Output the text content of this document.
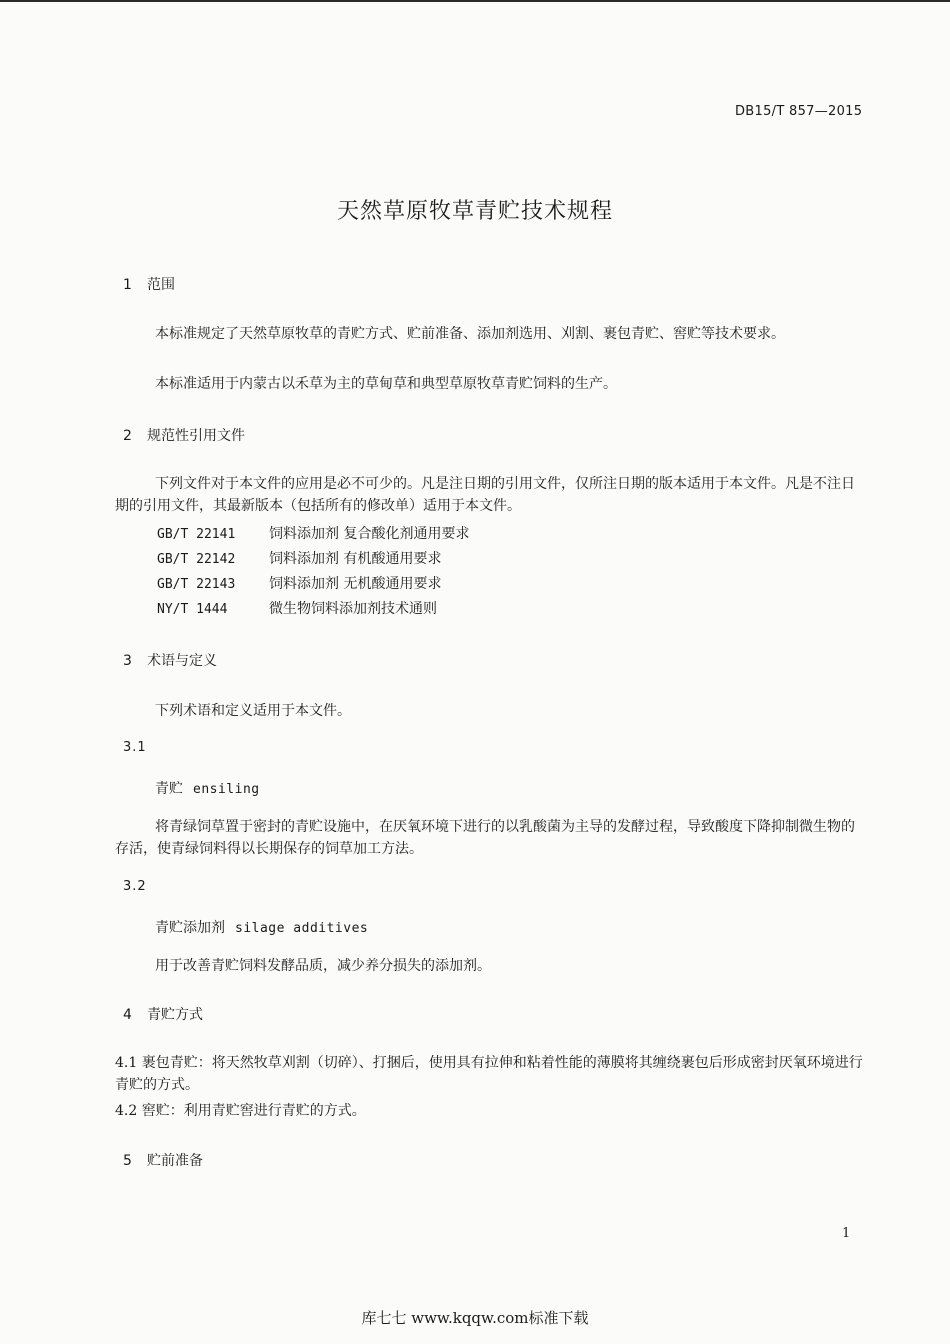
DB15/T 857—2015
天然草原牧草青贮技术规程
1 范围
本标准规定了天然草原牧草的青贮方式、贮前准备、添加剂选用、刈割、裹包青贮、窖贮等技术要求。
本标准适用于内蒙古以禾草为主的草甸草和典型草原牧草青贮饲料的生产。
2 规范性引用文件
下列文件对于本文件的应用是必不可少的。凡是注日期的引用文件，仅所注日期的版本适用于本文件。凡是不注日期的引用文件，其最新版本（包括所有的修改单）适用于本文件。
GB/T 22141 饲料添加剂 复合酸化剂通用要求
GB/T 22142 饲料添加剂 有机酸通用要求
GB/T 22143 饲料添加剂 无机酸通用要求
NY/T 1444	微生物饲料添加剂技术通则
3 术语与定义
下列术语和定义适用于本文件。
3.1
青贮 ensiling
将青绿饲草置于密封的青贮设施中，在厌氧环境下进行的以乳酸菌为主导的发酵过程，导致酸度下降抑制微生物的存活，使青绿饲料得以长期保存的饲草加工方法。
3.2
青贮添加剂 silage additives
用于改善青贮饲料发酵品质，减少养分损失的添加剂。
4 青贮方式
4.1 裹包青贮：将天然牧草刈割（切碎）、打捆后，使用具有拉伸和粘着性能的薄膜将其缠绕裹包后形成密封厌氧环境进行青贮的方式。
4.2 窖贮：利用青贮窖进行青贮的方式。
5 贮前准备
1
库七七 www.kqqw.com标准下载
